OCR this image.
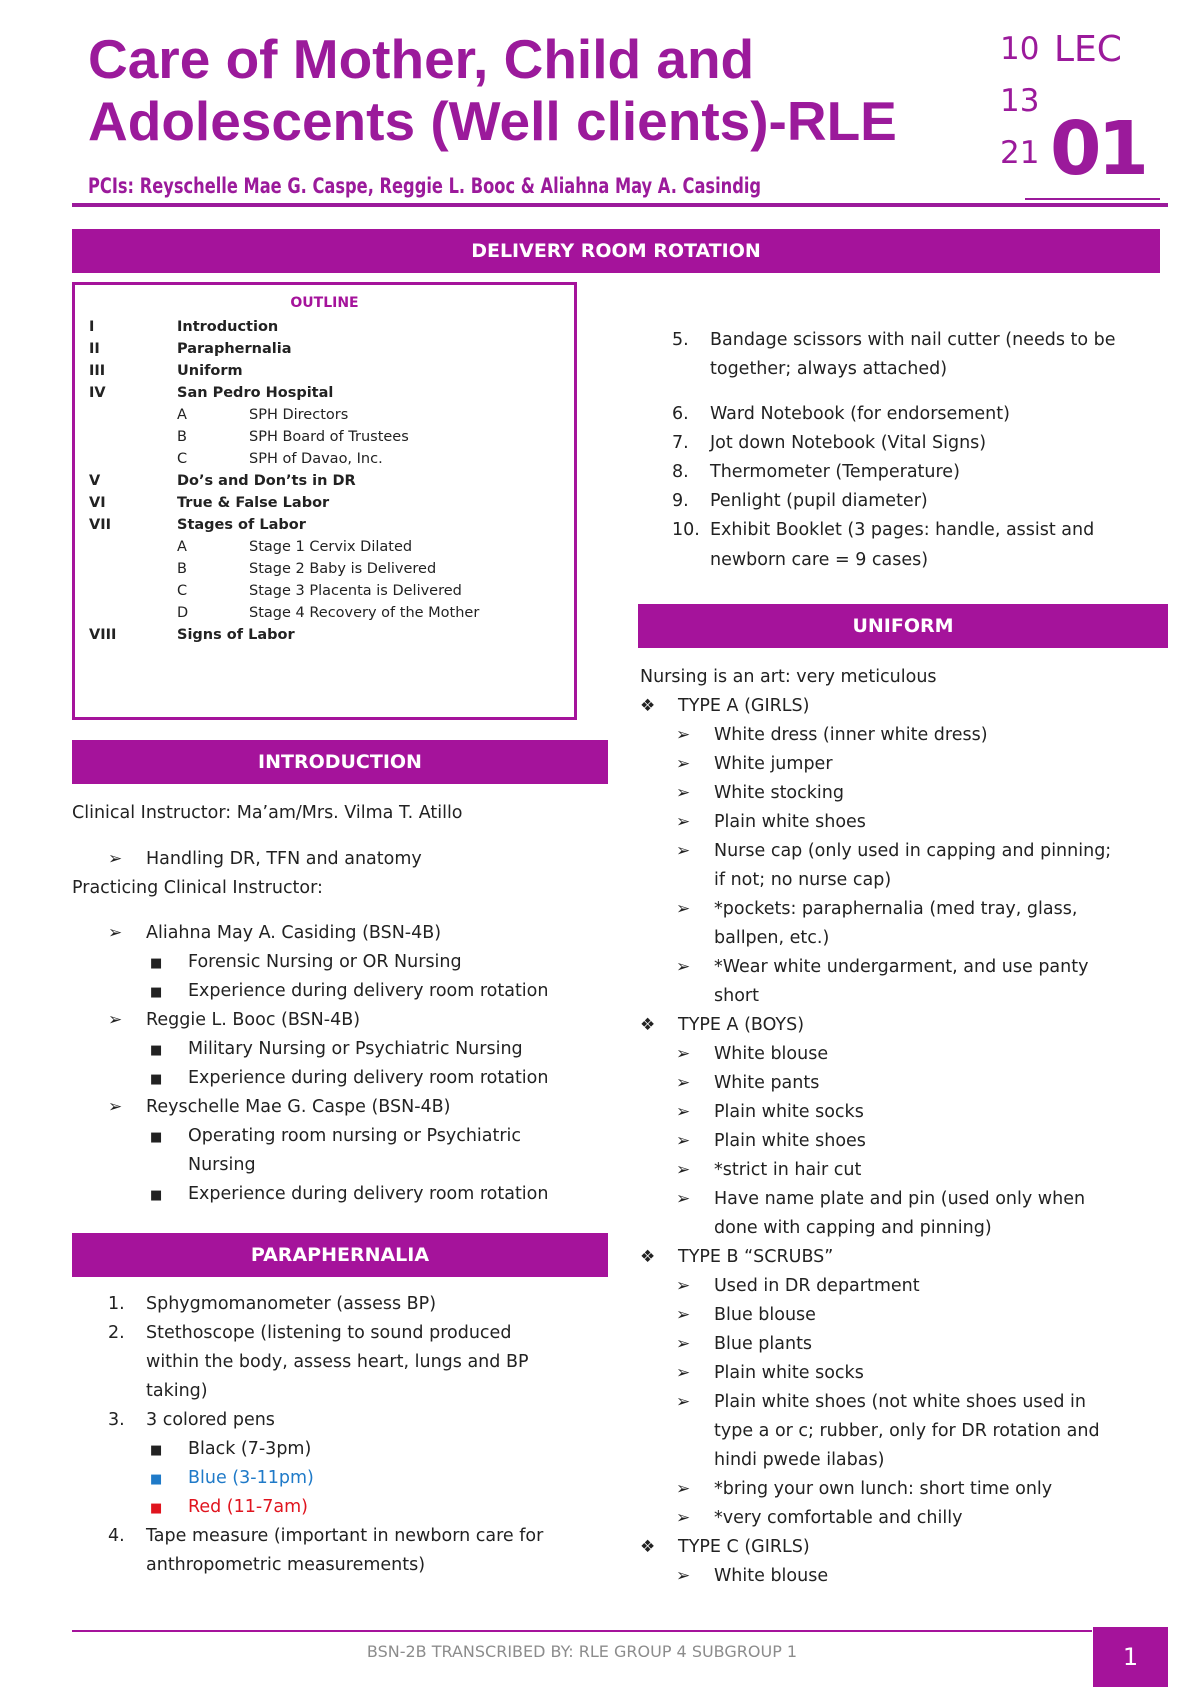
Care of Mother, Child and
Adolescents (Well clients)-RLE
PCIs: Reyschelle Mae G. Caspe, Reggie L. Booc & Aliahna May A. Casindig
10
13
21
LEC
01
DELIVERY ROOM ROTATION
OUTLINE
I	Introduction
II	Paraphernalia
III	Uniform
IV	San Pedro Hospital
A	SPH Directors
B	SPH Board of Trustees
C	SPH of Davao, Inc.
V	Do’s and Don’ts in DR
VI	True & False Labor
VII	Stages of Labor
A	Stage 1 Cervix Dilated
B	Stage 2 Baby is Delivered
C	Stage 3 Placenta is Delivered
D	Stage 4 Recovery of the Mother
VIII	Signs of Labor
INTRODUCTION
Clinical Instructor: Ma’am/Mrs. Vilma T. Atillo
➢ Handling DR, TFN and anatomy
Practicing Clinical Instructor:
➢ Aliahna May A. Casiding (BSN-4B)
■ Forensic Nursing or OR Nursing
■ Experience during delivery room rotation
➢ Reggie L. Booc (BSN-4B)
■ Military Nursing or Psychiatric Nursing
■ Experience during delivery room rotation
➢ Reyschelle Mae G. Caspe (BSN-4B)
■ Operating room nursing or Psychiatric
Nursing
■ Experience during delivery room rotation
PARAPHERNALIA
1. Sphygmomanometer (assess BP)
2. Stethoscope (listening to sound produced
within the body, assess heart, lungs and BP
taking)
3. 3 colored pens
■ Black (7-3pm)
■ Blue (3-11pm)
■ Red (11-7am)
4. Tape measure (important in newborn care for
anthropometric measurements)
5. Bandage scissors with nail cutter (needs to be
together; always attached)
6. Ward Notebook (for endorsement)
7. Jot down Notebook (Vital Signs)
8. Thermometer (Temperature)
9. Penlight (pupil diameter)
10. Exhibit Booklet (3 pages: handle, assist and
newborn care = 9 cases)
UNIFORM
Nursing is an art: very meticulous
❖ TYPE A (GIRLS)
➢ White dress (inner white dress)
➢ White jumper
➢ White stocking
➢ Plain white shoes
➢ Nurse cap (only used in capping and pinning;
if not; no nurse cap)
➢ *pockets: paraphernalia (med tray, glass,
ballpen, etc.)
➢ *Wear white undergarment, and use panty
short
❖ TYPE A (BOYS)
➢ White blouse
➢ White pants
➢ Plain white socks
➢ Plain white shoes
➢ *strict in hair cut
➢ Have name plate and pin (used only when
done with capping and pinning)
❖ TYPE B “SCRUBS”
➢ Used in DR department
➢ Blue blouse
➢ Blue plants
➢ Plain white socks
➢ Plain white shoes (not white shoes used in
type a or c; rubber, only for DR rotation and
hindi pwede ilabas)
➢ *bring your own lunch: short time only
➢ *very comfortable and chilly
❖ TYPE C (GIRLS)
➢ White blouse
BSN-2B TRANSCRIBED BY: RLE GROUP 4 SUBGROUP 1	1
